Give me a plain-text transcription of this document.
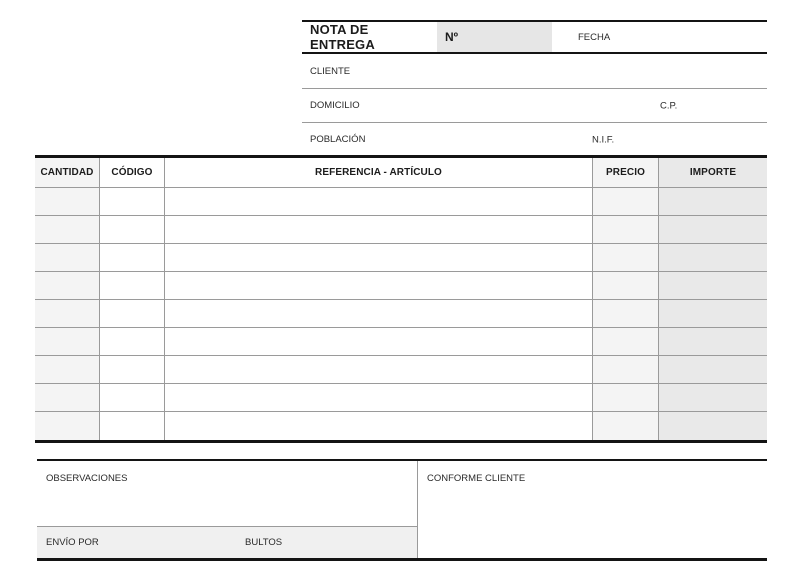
NOTA DE ENTREGA	Nº	FECHA
CLIENTE
DOMICILIO	C.P.
POBLACIÓN	N.I.F.
CANTIDAD	CÓDIGO	REFERENCIA - ARTÍCULO	PRECIO	IMPORTE
OBSERVACIONES
ENVÍO POR	BULTOS
CONFORME CLIENTE
